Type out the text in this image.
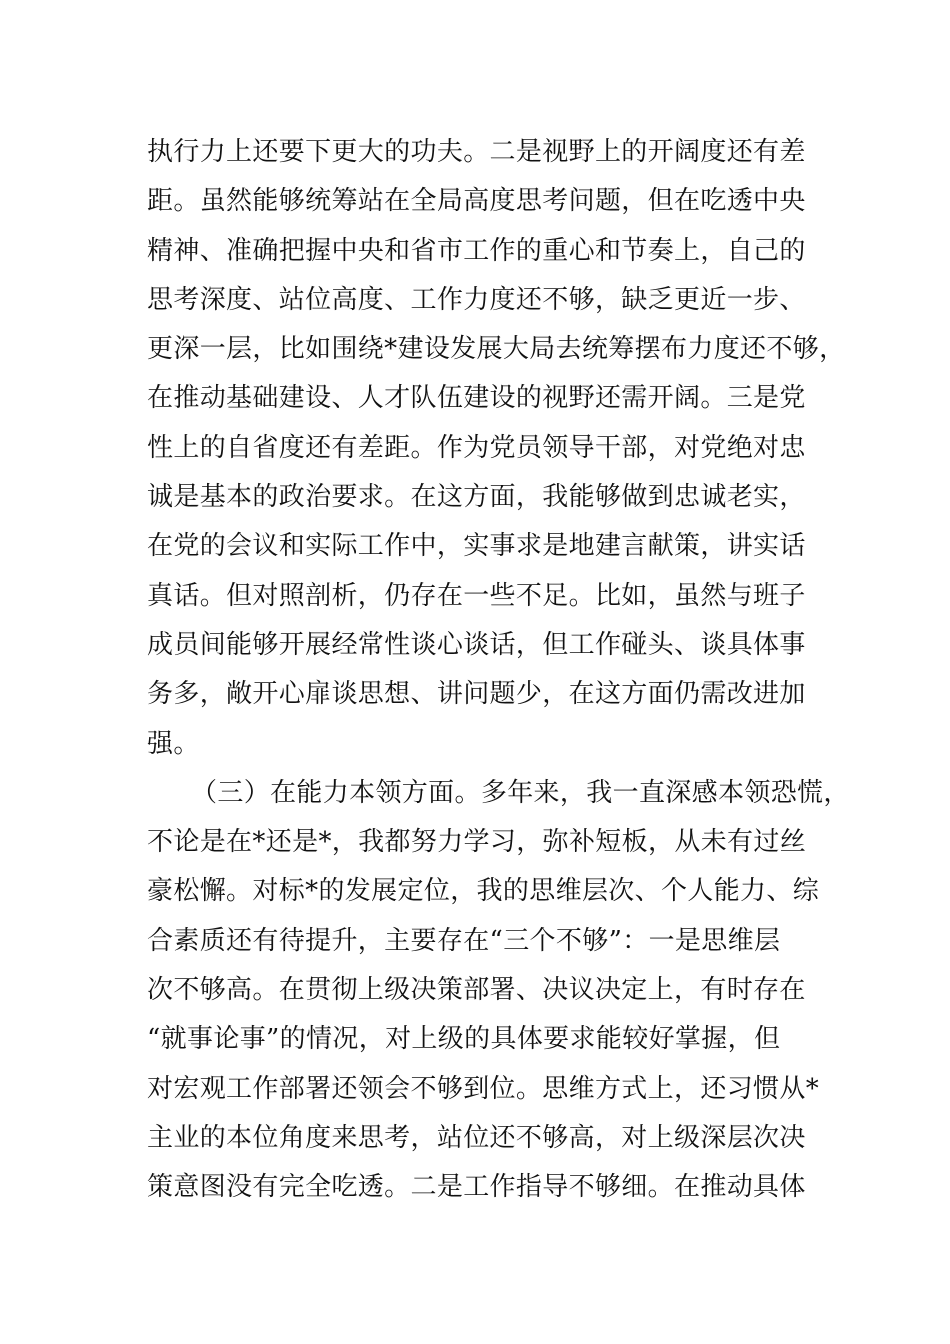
执行力上还要下更大的功夫。二是视野上的开阔度还有差
距。虽然能够统筹站在全局高度思考问题，但在吃透中央
精神、准确把握中央和省市工作的重心和节奏上，自己的
思考深度、站位高度、工作力度还不够，缺乏更近一步、
更深一层，比如围绕*建设发展大局去统筹摆布力度还不够，
在推动基础建设、人才队伍建设的视野还需开阔。三是党
性上的自省度还有差距。作为党员领导干部，对党绝对忠
诚是基本的政治要求。在这方面，我能够做到忠诚老实，
在党的会议和实际工作中，实事求是地建言献策，讲实话
真话。但对照剖析，仍存在一些不足。比如，虽然与班子
成员间能够开展经常性谈心谈话，但工作碰头、谈具体事
务多，敞开心扉谈思想、讲问题少，在这方面仍需改进加
强。
（三）在能力本领方面。多年来，我一直深感本领恐慌，
不论是在*还是*，我都努力学习，弥补短板，从未有过丝
豪松懈。对标*的发展定位，我的思维层次、个人能力、综
合素质还有待提升，主要存在“三个不够”：一是思维层
次不够高。在贯彻上级决策部署、决议决定上，有时存在
“就事论事”的情况，对上级的具体要求能较好掌握，但
对宏观工作部署还领会不够到位。思维方式上，还习惯从*
主业的本位角度来思考，站位还不够高，对上级深层次决
策意图没有完全吃透。二是工作指导不够细。在推动具体
